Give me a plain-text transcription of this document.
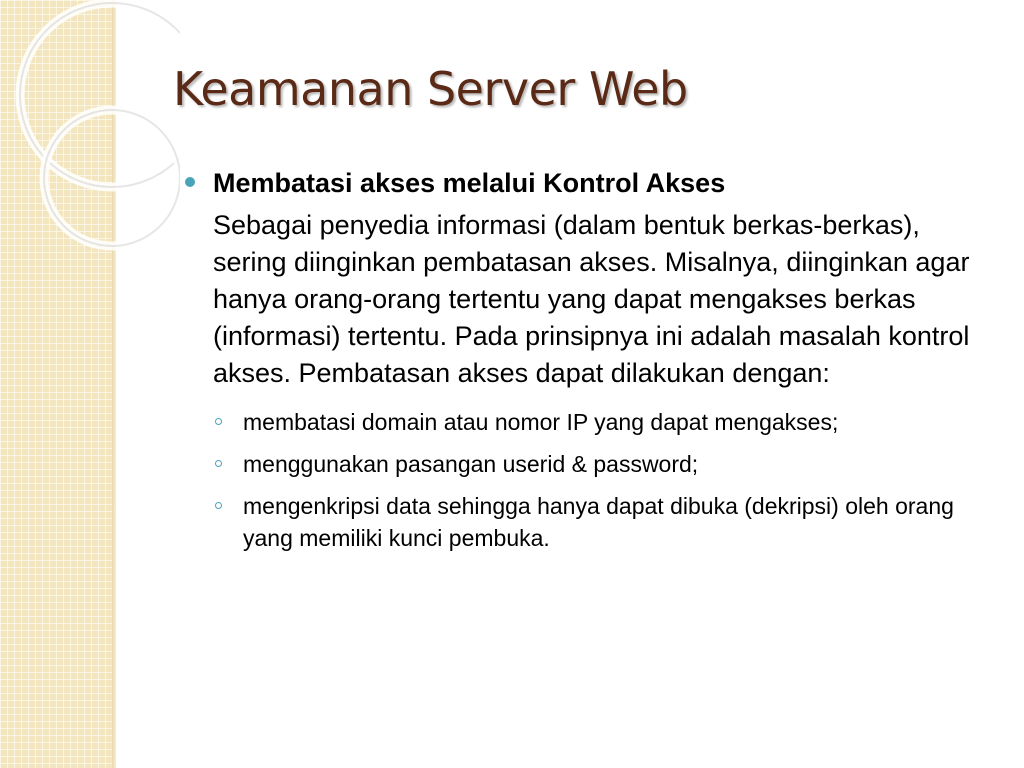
Keamanan Server Web
Membatasi akses melalui Kontrol Akses
Sebagai penyedia informasi (dalam bentuk berkas-berkas), sering diinginkan pembatasan akses. Misalnya, diinginkan agar hanya orang-orang tertentu yang dapat mengakses berkas (informasi) tertentu. Pada prinsipnya ini adalah masalah kontrol akses. Pembatasan akses dapat dilakukan dengan:
membatasi domain atau nomor IP yang dapat mengakses;
menggunakan pasangan userid & password;
mengenkripsi data sehingga hanya dapat dibuka (dekripsi) oleh orang yang memiliki kunci pembuka.
